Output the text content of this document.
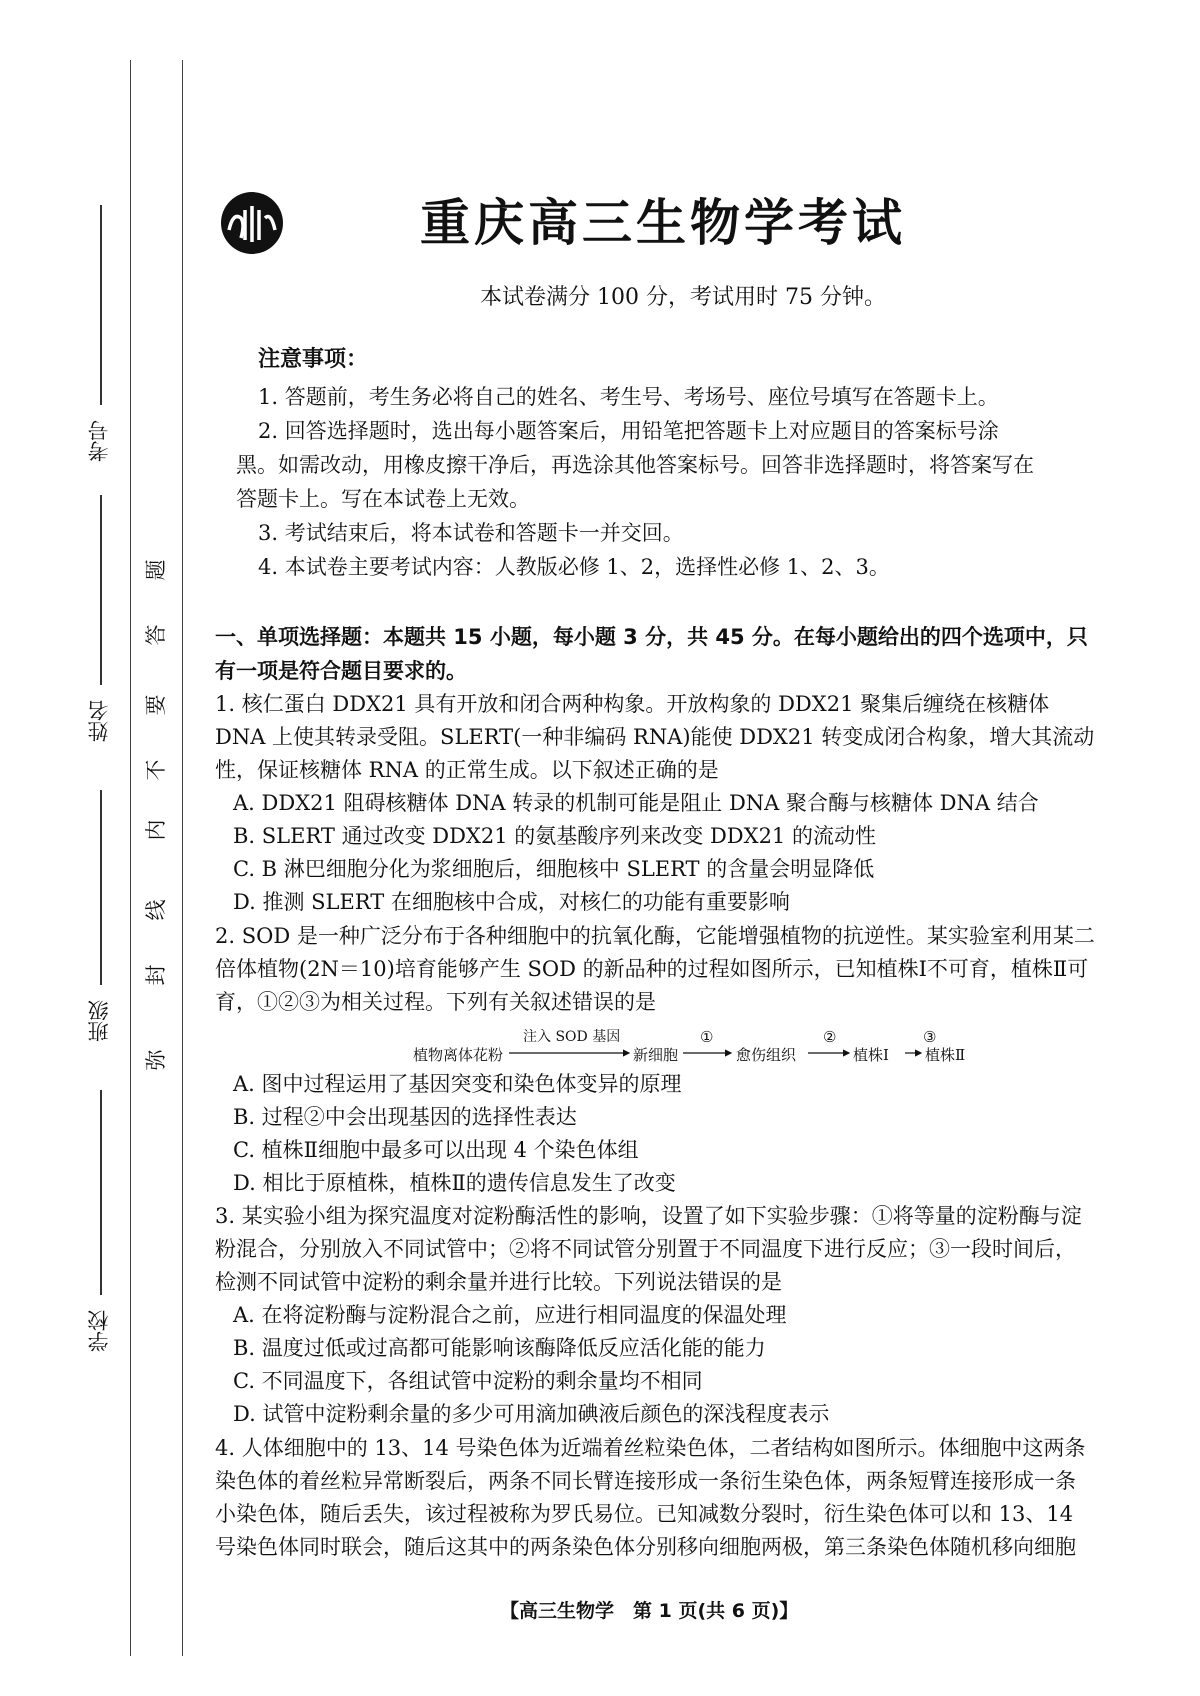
考号
姓名
班级
学校
弥
封
线
内
不
要
答
题
重庆高三生物学考试
本试卷满分 100 分，考试用时 75 分钟。
注意事项：
1. 答题前，考生务必将自己的姓名、考生号、考场号、座位号填写在答题卡上。
2. 回答选择题时，选出每小题答案后，用铅笔把答题卡上对应题目的答案标号涂黑。如需改动，用橡皮擦干净后，再选涂其他答案标号。回答非选择题时，将答案写在答题卡上。写在本试卷上无效。
3. 考试结束后，将本试卷和答题卡一并交回。
4. 本试卷主要考试内容：人教版必修 1、2，选择性必修 1、2、3。
一、单项选择题：本题共 15 小题，每小题 3 分，共 45 分。在每小题给出的四个选项中，只有一项是符合题目要求的。

1. 核仁蛋白 DDX21 具有开放和闭合两种构象。开放构象的 DDX21 聚集后缠绕在核糖体 DNA 上使其转录受阻。SLERT(一种非编码 RNA)能使 DDX21 转变成闭合构象，增大其流动性，保证核糖体 RNA 的正常生成。以下叙述正确的是

A. DDX21 阻碍核糖体 DNA 转录的机制可能是阻止 DNA 聚合酶与核糖体 DNA 结合

B. SLERT 通过改变 DDX21 的氨基酸序列来改变 DDX21 的流动性

C. B 淋巴细胞分化为浆细胞后，细胞核中 SLERT 的含量会明显降低

D. 推测 SLERT 在细胞核中合成，对核仁的功能有重要影响

2. SOD 是一种广泛分布于各种细胞中的抗氧化酶，它能增强植物的抗逆性。某实验室利用某二倍体植物(2N＝10)培育能够产生 SOD 的新品种的过程如图所示，已知植株Ⅰ不可育，植株Ⅱ可育，①②③为相关过程。下列有关叙述错误的是

植物离体花粉
注入 SOD 基因
新细胞
①
愈伤组织
②
植株Ⅰ
③
植株Ⅱ

A. 图中过程运用了基因突变和染色体变异的原理

B. 过程②中会出现基因的选择性表达

C. 植株Ⅱ细胞中最多可以出现 4 个染色体组

D. 相比于原植株，植株Ⅱ的遗传信息发生了改变

3. 某实验小组为探究温度对淀粉酶活性的影响，设置了如下实验步骤：①将等量的淀粉酶与淀粉混合，分别放入不同试管中；②将不同试管分别置于不同温度下进行反应；③一段时间后，检测不同试管中淀粉的剩余量并进行比较。下列说法错误的是

A. 在将淀粉酶与淀粉混合之前，应进行相同温度的保温处理

B. 温度过低或过高都可能影响该酶降低反应活化能的能力

C. 不同温度下，各组试管中淀粉的剩余量均不相同

D. 试管中淀粉剩余量的多少可用滴加碘液后颜色的深浅程度表示

4. 人体细胞中的 13、14 号染色体为近端着丝粒染色体，二者结构如图所示。体细胞中这两条染色体的着丝粒异常断裂后，两条不同长臂连接形成一条衍生染色体，两条短臂连接形成一条小染色体，随后丢失，该过程被称为罗氏易位。已知减数分裂时，衍生染色体可以和 13、14 号染色体同时联会，随后这其中的两条染色体分别移向细胞两极，第三条染色体随机移向细胞

【高三生物学　第 1 页(共 6 页)】
